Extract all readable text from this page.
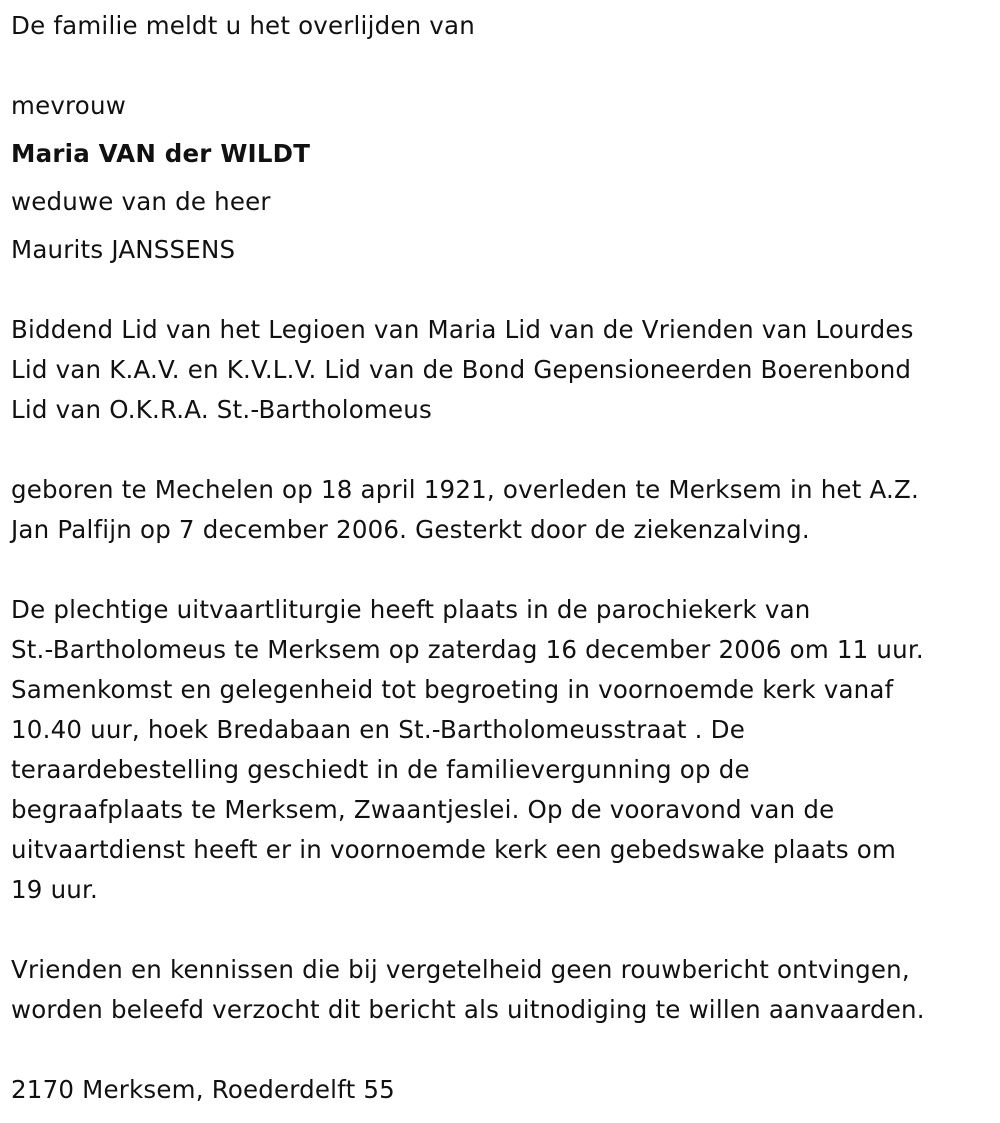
De familie meldt u het overlijden van
mevrouw
Maria VAN der WILDT
weduwe van de heer
Maurits JANSSENS
Biddend Lid van het Legioen van Maria Lid van de Vrienden van Lourdes
Lid van K.A.V. en K.V.L.V. Lid van de Bond Gepensioneerden Boerenbond
Lid van O.K.R.A. St.-Bartholomeus
geboren te Mechelen op 18 april 1921, overleden te Merksem in het A.Z.
Jan Palfijn op 7 december 2006. Gesterkt door de ziekenzalving.
De plechtige uitvaartliturgie heeft plaats in de parochiekerk van
St.-Bartholomeus te Merksem op zaterdag 16 december 2006 om 11 uur.
Samenkomst en gelegenheid tot begroeting in voornoemde kerk vanaf
10.40 uur, hoek Bredabaan en St.-Bartholomeusstraat . De
teraardebestelling geschiedt in de familievergunning op de
begraafplaats te Merksem, Zwaantjeslei. Op de vooravond van de
uitvaartdienst heeft er in voornoemde kerk een gebedswake plaats om
19 uur.
Vrienden en kennissen die bij vergetelheid geen rouwbericht ontvingen,
worden beleefd verzocht dit bericht als uitnodiging te willen aanvaarden.
2170 Merksem, Roederdelft 55
